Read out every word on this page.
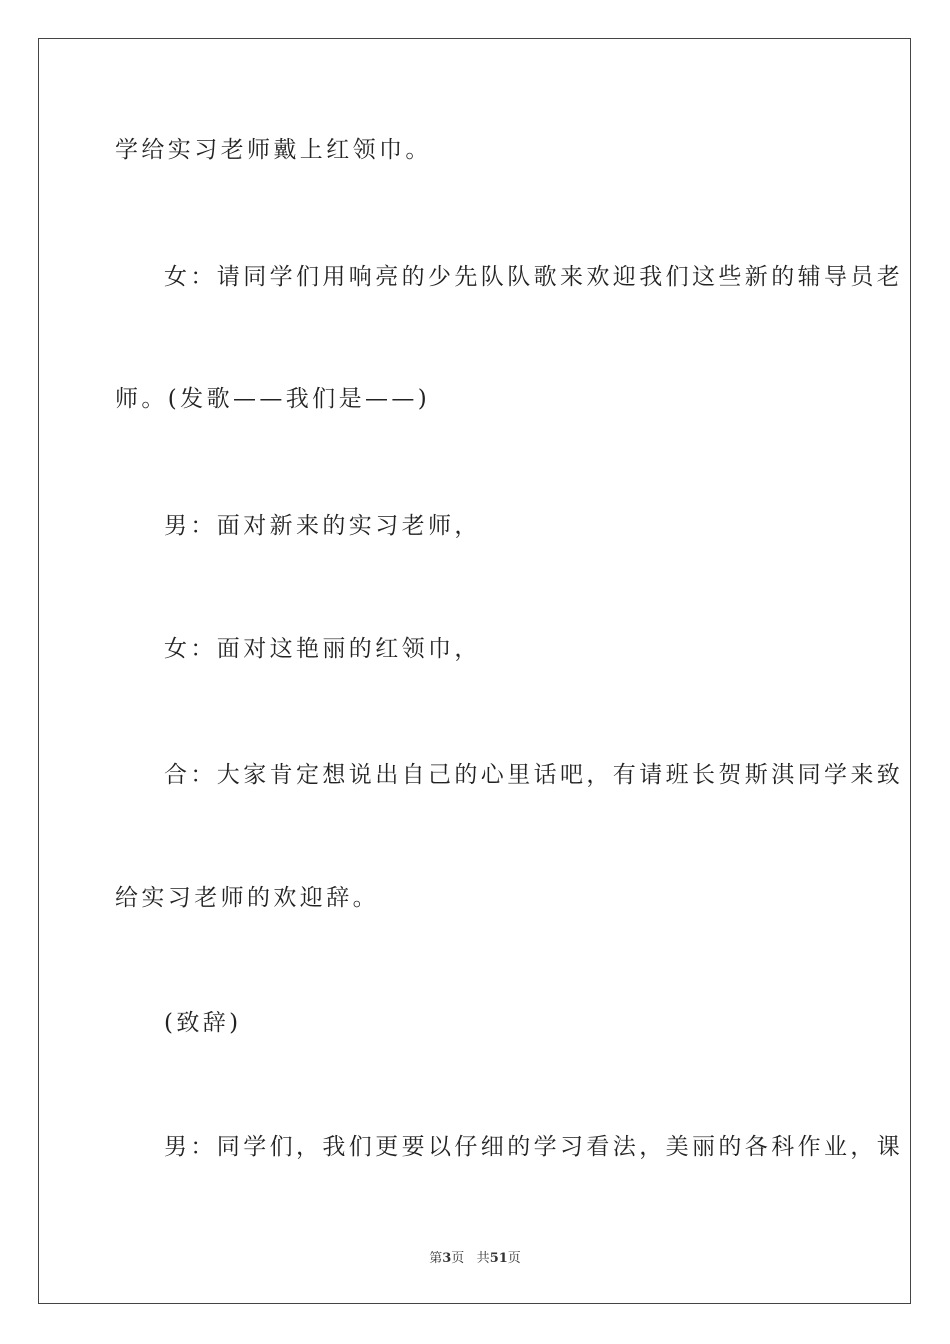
学给实习老师戴上红领巾。
女：请同学们用响亮的少先队队歌来欢迎我们这些新的辅导员老
师。(发歌——我们是——)
男：面对新来的实习老师，
女：面对这艳丽的红领巾，
合：大家肯定想说出自己的心里话吧，有请班长贺斯淇同学来致
给实习老师的欢迎辞。
(致辞)
男：同学们，我们更要以仔细的学习看法，美丽的各科作业，课
第3页 共51页
